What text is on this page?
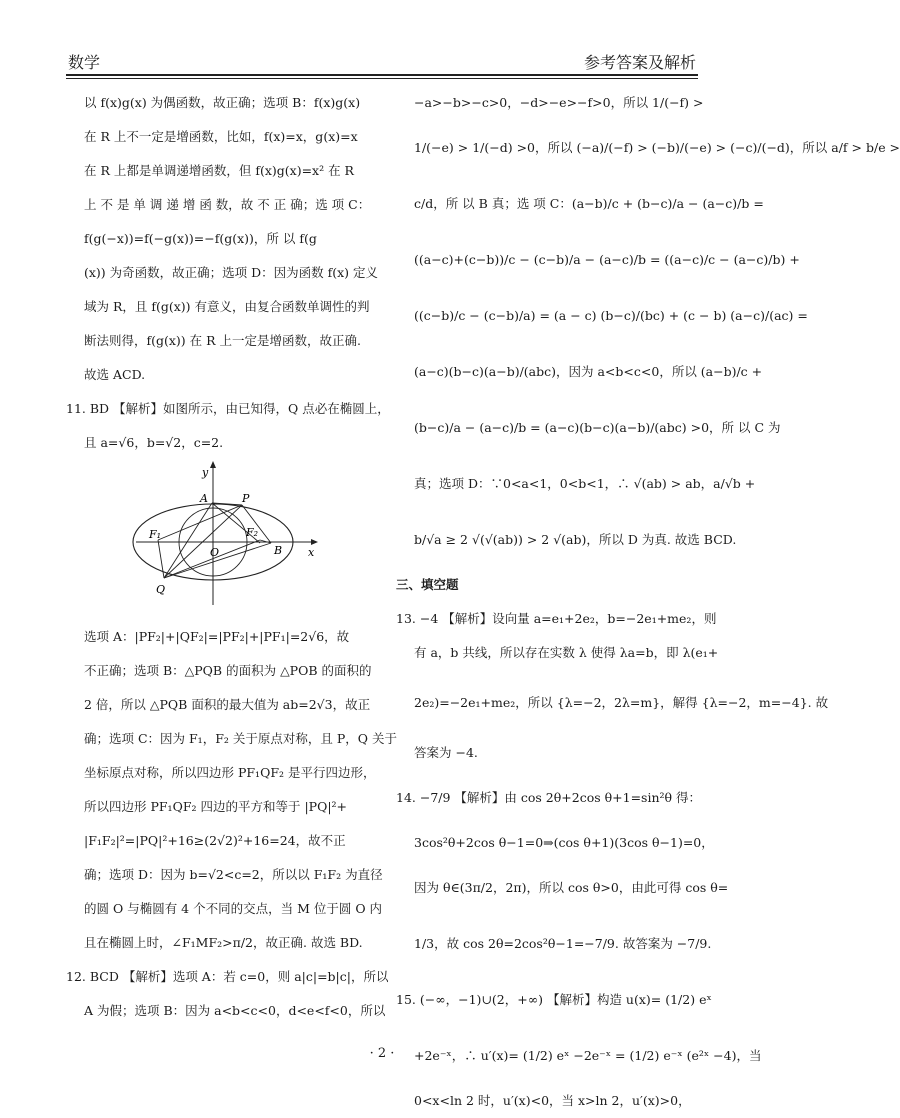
数学	参考答案及解析
以 f(x)g(x) 为偶函数，故正确；选项 B：f(x)g(x)
在 R 上不一定是增函数，比如，f(x)=x，g(x)=x
在 R 上都是单调递增函数，但 f(x)g(x)=x² 在 R
上 不 是 单 调 递 增 函 数，故 不 正 确；选 项 C：
f(g(−x))=f(−g(x))=−f(g(x))，所 以 f(g
(x)) 为奇函数，故正确；选项 D：因为函数 f(x) 定义
域为 R，且 f(g(x)) 有意义，由复合函数单调性的判
断法则得，f(g(x)) 在 R 上一定是增函数，故正确.
故选 ACD.
11. BD 【解析】如图所示，由已知得，Q 点必在椭圆上，
且 a=√6，b=√2，c=2.
y
x
A	P
F₁	F₂
O	B
Q
选项 A：|PF₂|+|QF₂|=|PF₂|+|PF₁|=2√6，故
不正确；选项 B：△PQB 的面积为 △POB 的面积的
2 倍，所以 △PQB 面积的最大值为 ab=2√3，故正
确；选项 C：因为 F₁，F₂ 关于原点对称，且 P，Q 关于
坐标原点对称，所以四边形 PF₁QF₂ 是平行四边形，
所以四边形 PF₁QF₂ 四边的平方和等于 |PQ|²+
|F₁F₂|²=|PQ|²+16≥(2√2)²+16=24，故不正
确；选项 D：因为 b=√2<c=2，所以以 F₁F₂ 为直径
的圆 O 与椭圆有 4 个不同的交点，当 M 位于圆 O 内
且在椭圆上时，∠F₁MF₂>π/2，故正确. 故选 BD.
12. BCD 【解析】选项 A：若 c=0，则 a|c|=b|c|，所以
A 为假；选项 B：因为 a<b<c<0，d<e<f<0，所以
−a>−b>−c>0，−d>−e>−f>0，所以 1/(−f) >
1/(−e) > 1/(−d) >0，所以 (−a)/(−f) > (−b)/(−e) > (−c)/(−d)，所以 a/f > b/e >
c/d，所 以 B 真；选 项 C：(a−b)/c + (b−c)/a − (a−c)/b =
((a−c)+(c−b))/c − (c−b)/a − (a−c)/b = ((a−c)/c − (a−c)/b) +
((c−b)/c − (c−b)/a) = (a − c) (b−c)/(bc) + (c − b) (a−c)/(ac) =
(a−c)(b−c)(a−b)/(abc)，因为 a<b<c<0，所以 (a−b)/c +
(b−c)/a − (a−c)/b = (a−c)(b−c)(a−b)/(abc) >0，所 以 C 为
真；选项 D：∵0<a<1，0<b<1，∴ √(ab) > ab，a/√b +
b/√a ≥ 2 √(√(ab)) > 2 √(ab)，所以 D 为真. 故选 BCD.
三、填空题
13. −4 【解析】设向量 a=e₁+2e₂，b=−2e₁+me₂，则
有 a，b 共线，所以存在实数 λ 使得 λa=b，即 λ(e₁+
2e₂)=−2e₁+me₂，所以 {λ=−2，2λ=m}，解得 {λ=−2，m=−4}. 故
答案为 −4.
14. −7/9 【解析】由 cos 2θ+2cos θ+1=sin²θ 得：
3cos²θ+2cos θ−1=0⇒(cos θ+1)(3cos θ−1)=0，
因为 θ∈(3π/2，2π)，所以 cos θ>0，由此可得 cos θ=
1/3，故 cos 2θ=2cos²θ−1=−7/9. 故答案为 −7/9.
15. (−∞，−1)∪(2，+∞) 【解析】构造 u(x)= (1/2) eˣ
+2e⁻ˣ，∴ u′(x)= (1/2) eˣ −2e⁻ˣ = (1/2) e⁻ˣ (e²ˣ −4)，当
0<x<ln 2 时，u′(x)<0，当 x>ln 2，u′(x)>0，
· 2 ·
